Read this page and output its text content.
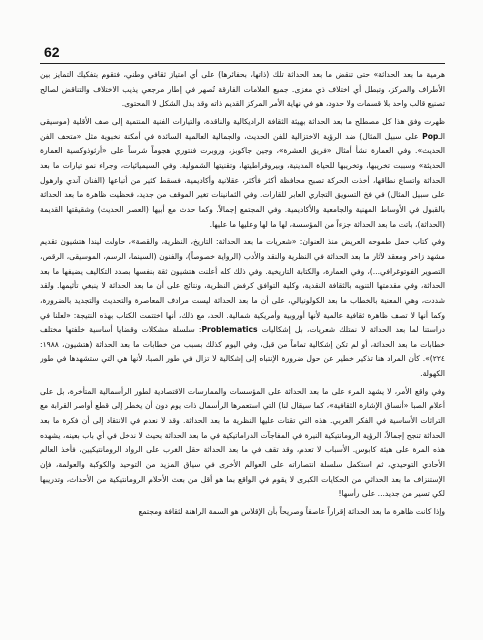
62

هرمية ما بعد الحداثة» حتى تنقض ما بعد الحداثة تلك (ذاتها، بحفائرها) على أي امتياز ثقافي وطني، فتقوم بتفكيك التمايز بين الأطراف والمركز، وتبطل أي اختلاف ذي مغزى. جميع العلامات الفارقة تُصهر في إطار مرجعي يذيب الاختلاف والتناقض لصالح تصنيع قالب واحد بلا قسمات ولا حدود، هو في نهاية الأمر المركز القديم ذاته وقد بدل الشكل لا المحتوى.

ظهرت وفق هذا كل مصطلح ما بعد الحداثة بهيئة الثقافة الراديكالية والناقدة، والتيارات الفنية المنتمية إلى صف الأقلية (موسيقى الـPop على سبيل المثال) ضد الرؤية الاختزالية للفن الحديث، والجمالية العالمية السائدة في أمكنة نخبوية مثل «متحف الفن الحديث». وفي العمارة نشأ أمثال «فريق العشرة»، وجين جاكوبز، وروبرت فنتوري هجوماً شرساً على «أرثوذوكسية العمارة الحديثة» وسببت تخريبها، وتخريبها للحياة المدينية، وبيروقراطيتها، وتقنيتها الشمولية. وفي السيميائيات، وجراء نمو تيارات ما بعد الحداثة واتساع نطاقها، أخذت الحركة تصبح محافظة أكثر فأكثر، عقلانية وأكاديمية، فسقط كثير من أتباعها (الفنان آندي وارهول على سبيل المثال) في فخ التسويق التجاري العابر للقارات. وفي الثمانينات تغير الموقف من جديد، فحظيت ظاهرة ما بعد الحداثة بالقبول في الأوساط المهنية والجامعية والأكاديمية. وفي المجتمع إجمالاً. وكما حدث مع أبيها (العصر الحديث) وشقيقتها القديمة (الحداثة)، باتت ما بعد الحداثة جزءاً من المؤسسة، لها ما لها وعليها ما عليها.

وفي كتاب حمل طموحه العريض منذ العنوان: «شعريات ما بعد الحداثة: التاريخ، النظرية، والقصة»، حاولت ليندا هتشيون تقديم مشهد زاخر ومعقد لآثار ما بعد الحداثة في النظرية والنقد والأدب (الرواية خصوصاً)، والفنون (السينما، الرسم، الموسيقى، الرقص، التصوير الفوتوغرافي...)، وفي العمارة، والكتابة التاريخية. وفي ذلك كله أعلنت هتشيون ثقة بنفسها بصدد التكاليف يضيفها ما بعد الحداثة، وفي مقدمتها التنويه بالثقافة النقدية، وكلية التوافق كرفض النظرية، ونتائج على أن ما بعد الحداثة لا ينبغي تأثيمها. ولقد شددت، وهي المعنية بالخطاب ما بعد الكولونيالي، على أن ما بعد الحداثة ليست مرادف المعاصرة والتحديث والتجديد بالضرورة، وكما أنها لا تصف ظاهرة ثقافية عالمية لأنها أوروبية وأمريكية شمالية. الحد، مع ذلك، أنها اختتمت الكتاب بهذه النتيجة: «لعلنا في دراستنا لما بعد الحداثة لا نمتلك شعريات، بل إشكاليات Problematics: سلسلة مشكلات وقضايا أساسية خلفتها مختلف خطابات ما بعد الحداثة، أو لم تكن إشكالية تماماً من قبل، وفي اليوم كذلك بسبب من خطابات ما بعد الحداثة (هتشيون، ١٩٨٨: ٢٢٤)». كأن المراد هنا تذكير خطير عن حول ضرورة الإنتباه إلى إشكالية لا تزال في طور الصبا، لأنها هي التي ستشهدها في طور الكهولة.

وفي واقع الأمر، لا يشهد المرء على ما بعد الحداثة على المؤسسات والممارسات الاقتصادية لطور الرأسمالية المتأخرة، بل على أعلام الصبا «أنساق الإشارة الثقافية»، كما سيقال لنا) التي استعمرها الرأسمال ذات يوم دون أن يخطر إلى قطع أواصر القرابة مع التراثات الأساسية في الفكر الغربي. هذه التي تقتات عليها النظرية ما بعد الحداثة. وقد لا نعدم في الانتقاد إلى أن فكرة ما بعد الحداثة تنجح إجمالاً، الرؤية الرومانتيكية النيرة في المفاجآت الدراماتيكية في ما بعد الحداثة بحيث لا ندخل في أي باب بعينه، يشهده هذه المرة على هيئة كابوس. الأسباب لا تعدم، وقد تقف في ما بعد الحداثة حقل الغرب على الرواد الرومانتيكيين، فأخذ العالم الأحادي التوحيدي، ثم استكمل سلسلة انتصاراته على العوالم الأخرى في سياق المزيد من التوحيد والكوكبة والعولمة، فإن الإستنزاف ما بعد الحداثي من الحكايات الكبرى لا يقوم في الواقع بما هو أقل من بعث الأحلام الرومانتيكية من الأحداث، وتدريبها لكي تسير من جديد... على رأسها!

وإذا كانت ظاهرة ما بعد الحداثة إقراراً عاصفاً وصريحاً بأن الإقلاس هو السمة الراهنة لثقافة ومجتمع
